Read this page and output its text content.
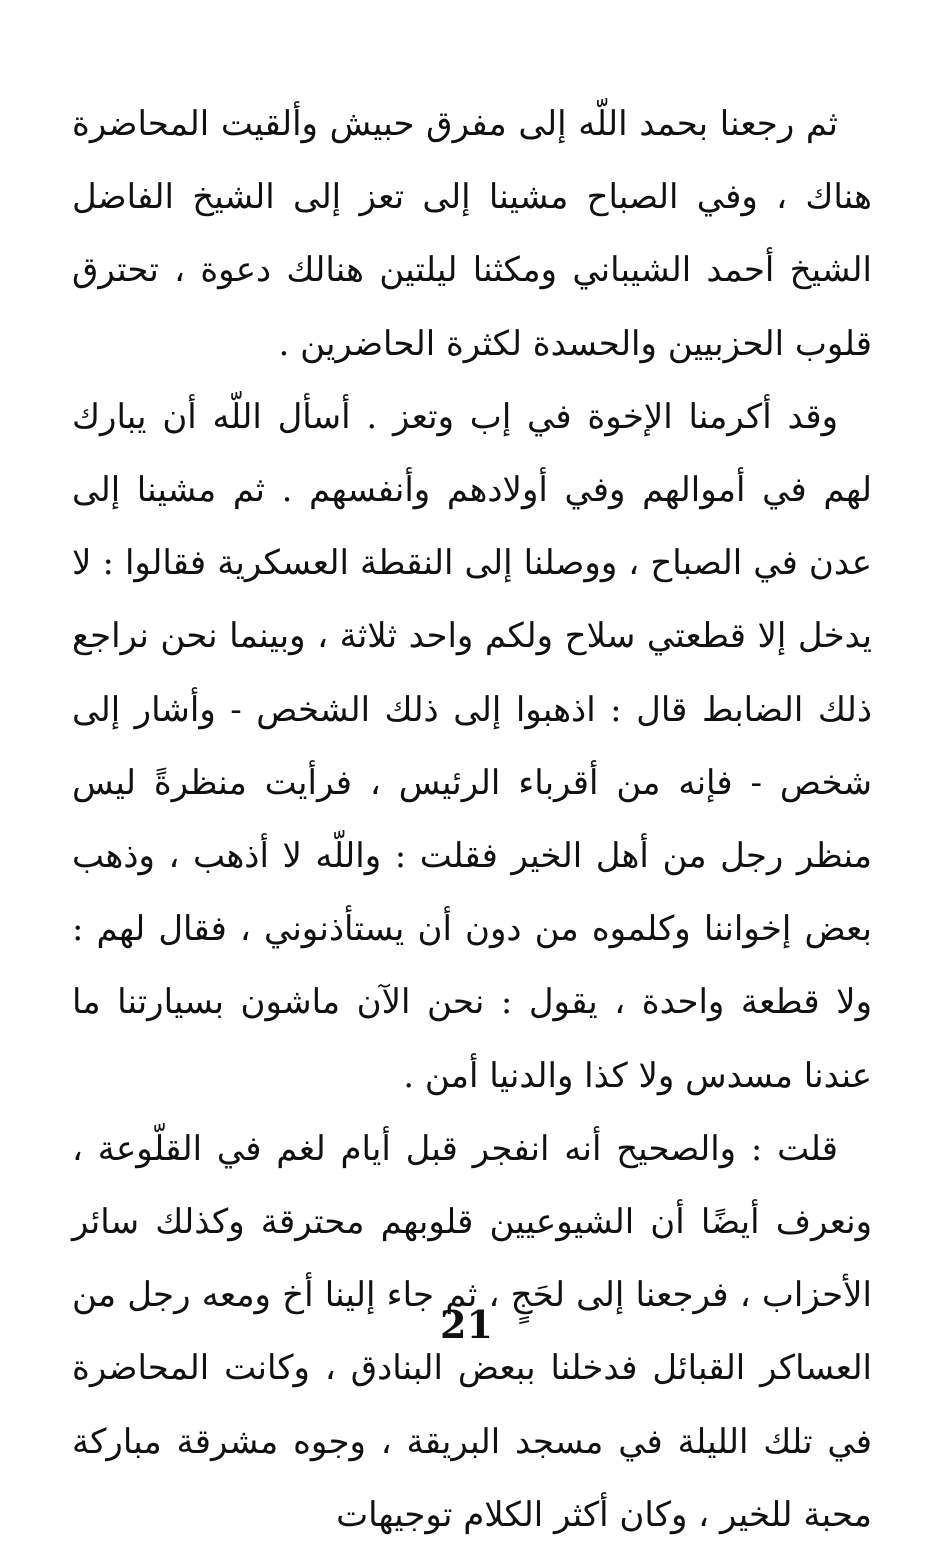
ثم رجعنا بحمد اللّه إلى مفرق حبيش وألقيت المحاضرة هناك ، وفي الصباح مشينا إلى تعز إلى الشيخ الفاضل الشيخ أحمد الشيباني ومكثنا ليلتين هنالك دعوة ، تحترق قلوب الحزبيين والحسدة لكثرة الحاضرين .

وقد أكرمنا الإخوة في إب وتعز . أسأل اللّه أن يبارك لهم في أموالهم وفي أولادهم وأنفسهم . ثم مشينا إلى عدن في الصباح ، ووصلنا إلى النقطة العسكرية فقالوا : لا يدخل إلا قطعتي سلاح ولكم واحد ثلاثة ، وبينما نحن نراجع ذلك الضابط قال : اذهبوا إلى ذلك الشخص - وأشار إلى شخص - فإنه من أقرباء الرئيس ، فرأيت منظرةً ليس منظر رجل من أهل الخير فقلت : واللّه لا أذهب ، وذهب بعض إخواننا وكلموه من دون أن يستأذنوني ، فقال لهم : ولا قطعة واحدة ، يقول : نحن الآن ماشون بسيارتنا ما عندنا مسدس ولا كذا والدنيا أمن .

قلت : والصحيح أنه انفجر قبل أيام لغم في القلّوعة ، ونعرف أيضًا أن الشيوعيين قلوبهم محترقة وكذلك سائر الأحزاب ، فرجعنا إلى لحَجٍ ، ثم جاء إلينا أخ ومعه رجل من العساكر القبائل فدخلنا ببعض البنادق ، وكانت المحاضرة في تلك الليلة في مسجد البريقة ، وجوه مشرقة مباركة محبة للخير ، وكان أكثر الكلام توجيهات

21
